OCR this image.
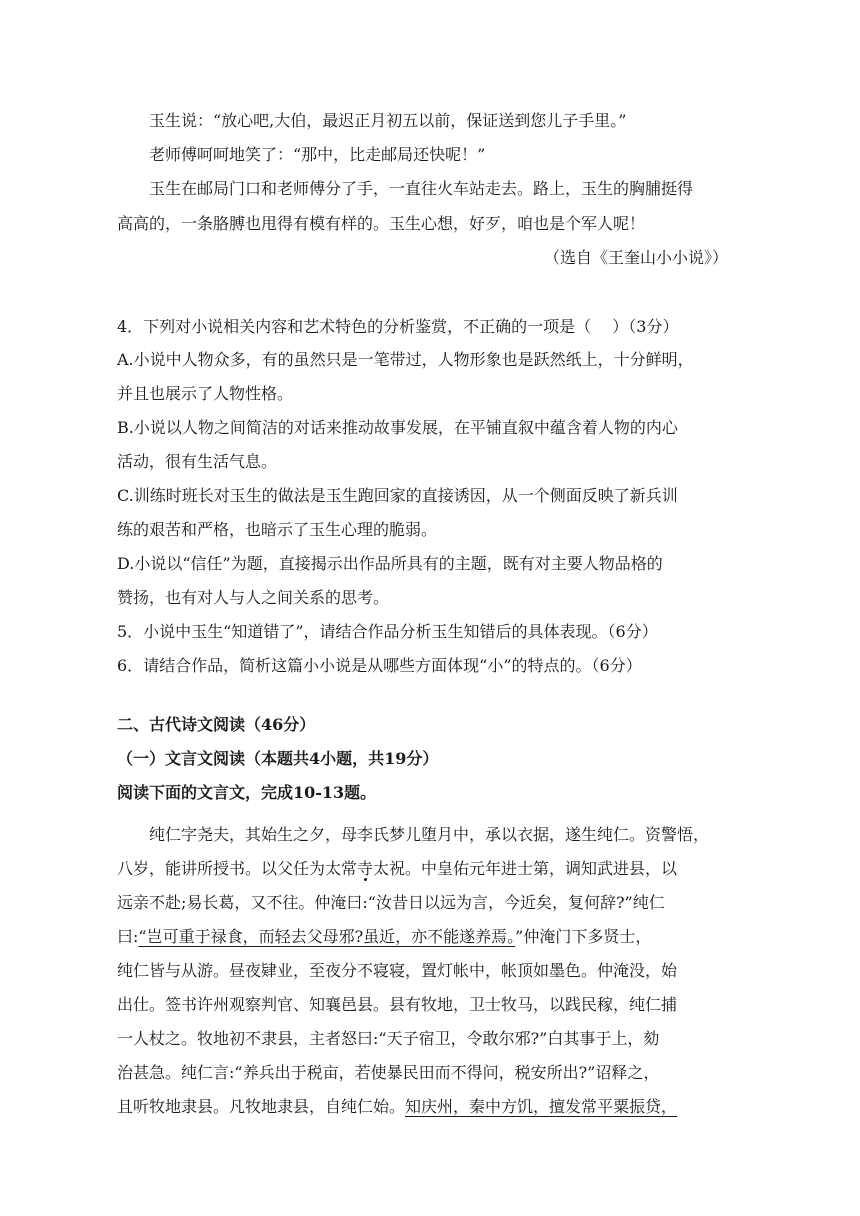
玉生说：“放心吧,大伯，最迟正月初五以前，保证送到您儿子手里。”
老师傅呵呵地笑了：“那中，比走邮局还快呢！”
玉生在邮局门口和老师傅分了手，一直往火车站走去。路上，玉生的胸脯挺得
高高的，一条胳膊也甩得有模有样的。玉生心想，好歹，咱也是个军人呢！
（选自《王奎山小小说》）
4．下列对小说相关内容和艺术特色的分析鉴赏，不正确的一项是（　 ）（3分）
A.小说中人物众多，有的虽然只是一笔带过，人物形象也是跃然纸上，十分鲜明，
并且也展示了人物性格。
B.小说以人物之间简洁的对话来推动故事发展，在平铺直叙中蕴含着人物的内心
活动，很有生活气息。
C.训练时班长对玉生的做法是玉生跑回家的直接诱因，从一个侧面反映了新兵训
练的艰苦和严格，也暗示了玉生心理的脆弱。
D.小说以“信任”为题，直接揭示出作品所具有的主题，既有对主要人物品格的
赞扬，也有对人与人之间关系的思考。
5．小说中玉生“知道错了”，请结合作品分析玉生知错后的具体表现。（6分）
6．请结合作品，简析这篇小小说是从哪些方面体现“小”的特点的。（6分）
二、古代诗文阅读（46分）
（一）文言文阅读（本题共4小题，共19分）
阅读下面的文言文，完成10-13题。
纯仁字尧夫，其始生之夕，母李氏梦儿堕月中，承以衣据，遂生纯仁。资警悟，
八岁，能讲所授书。以父任为太常寺太祝。中皇佑元年进士第，调知武进县，以
远亲不赴;易长葛，又不往。仲淹曰:“汝昔日以远为言，今近矣，复何辞?”纯仁
曰:“岂可重于禄食，而轻去父母邪?虽近，亦不能遂养焉。”仲淹门下多贤士，
纯仁皆与从游。昼夜肄业，至夜分不寝寝，置灯帐中，帐顶如墨色。仲淹没，始
出仕。签书许州观察判官、知襄邑县。县有牧地，卫士牧马，以践民稼，纯仁捕
一人杖之。牧地初不隶县，主者怒曰:“天子宿卫，令敢尔邪?”白其事于上，劾
治甚急。纯仁言:“养兵出于税亩，若使暴民田而不得问，税安所出?”诏释之，
且听牧地隶县。凡牧地隶县，自纯仁始。知庆州，秦中方饥，擅发常平粟振贷，
